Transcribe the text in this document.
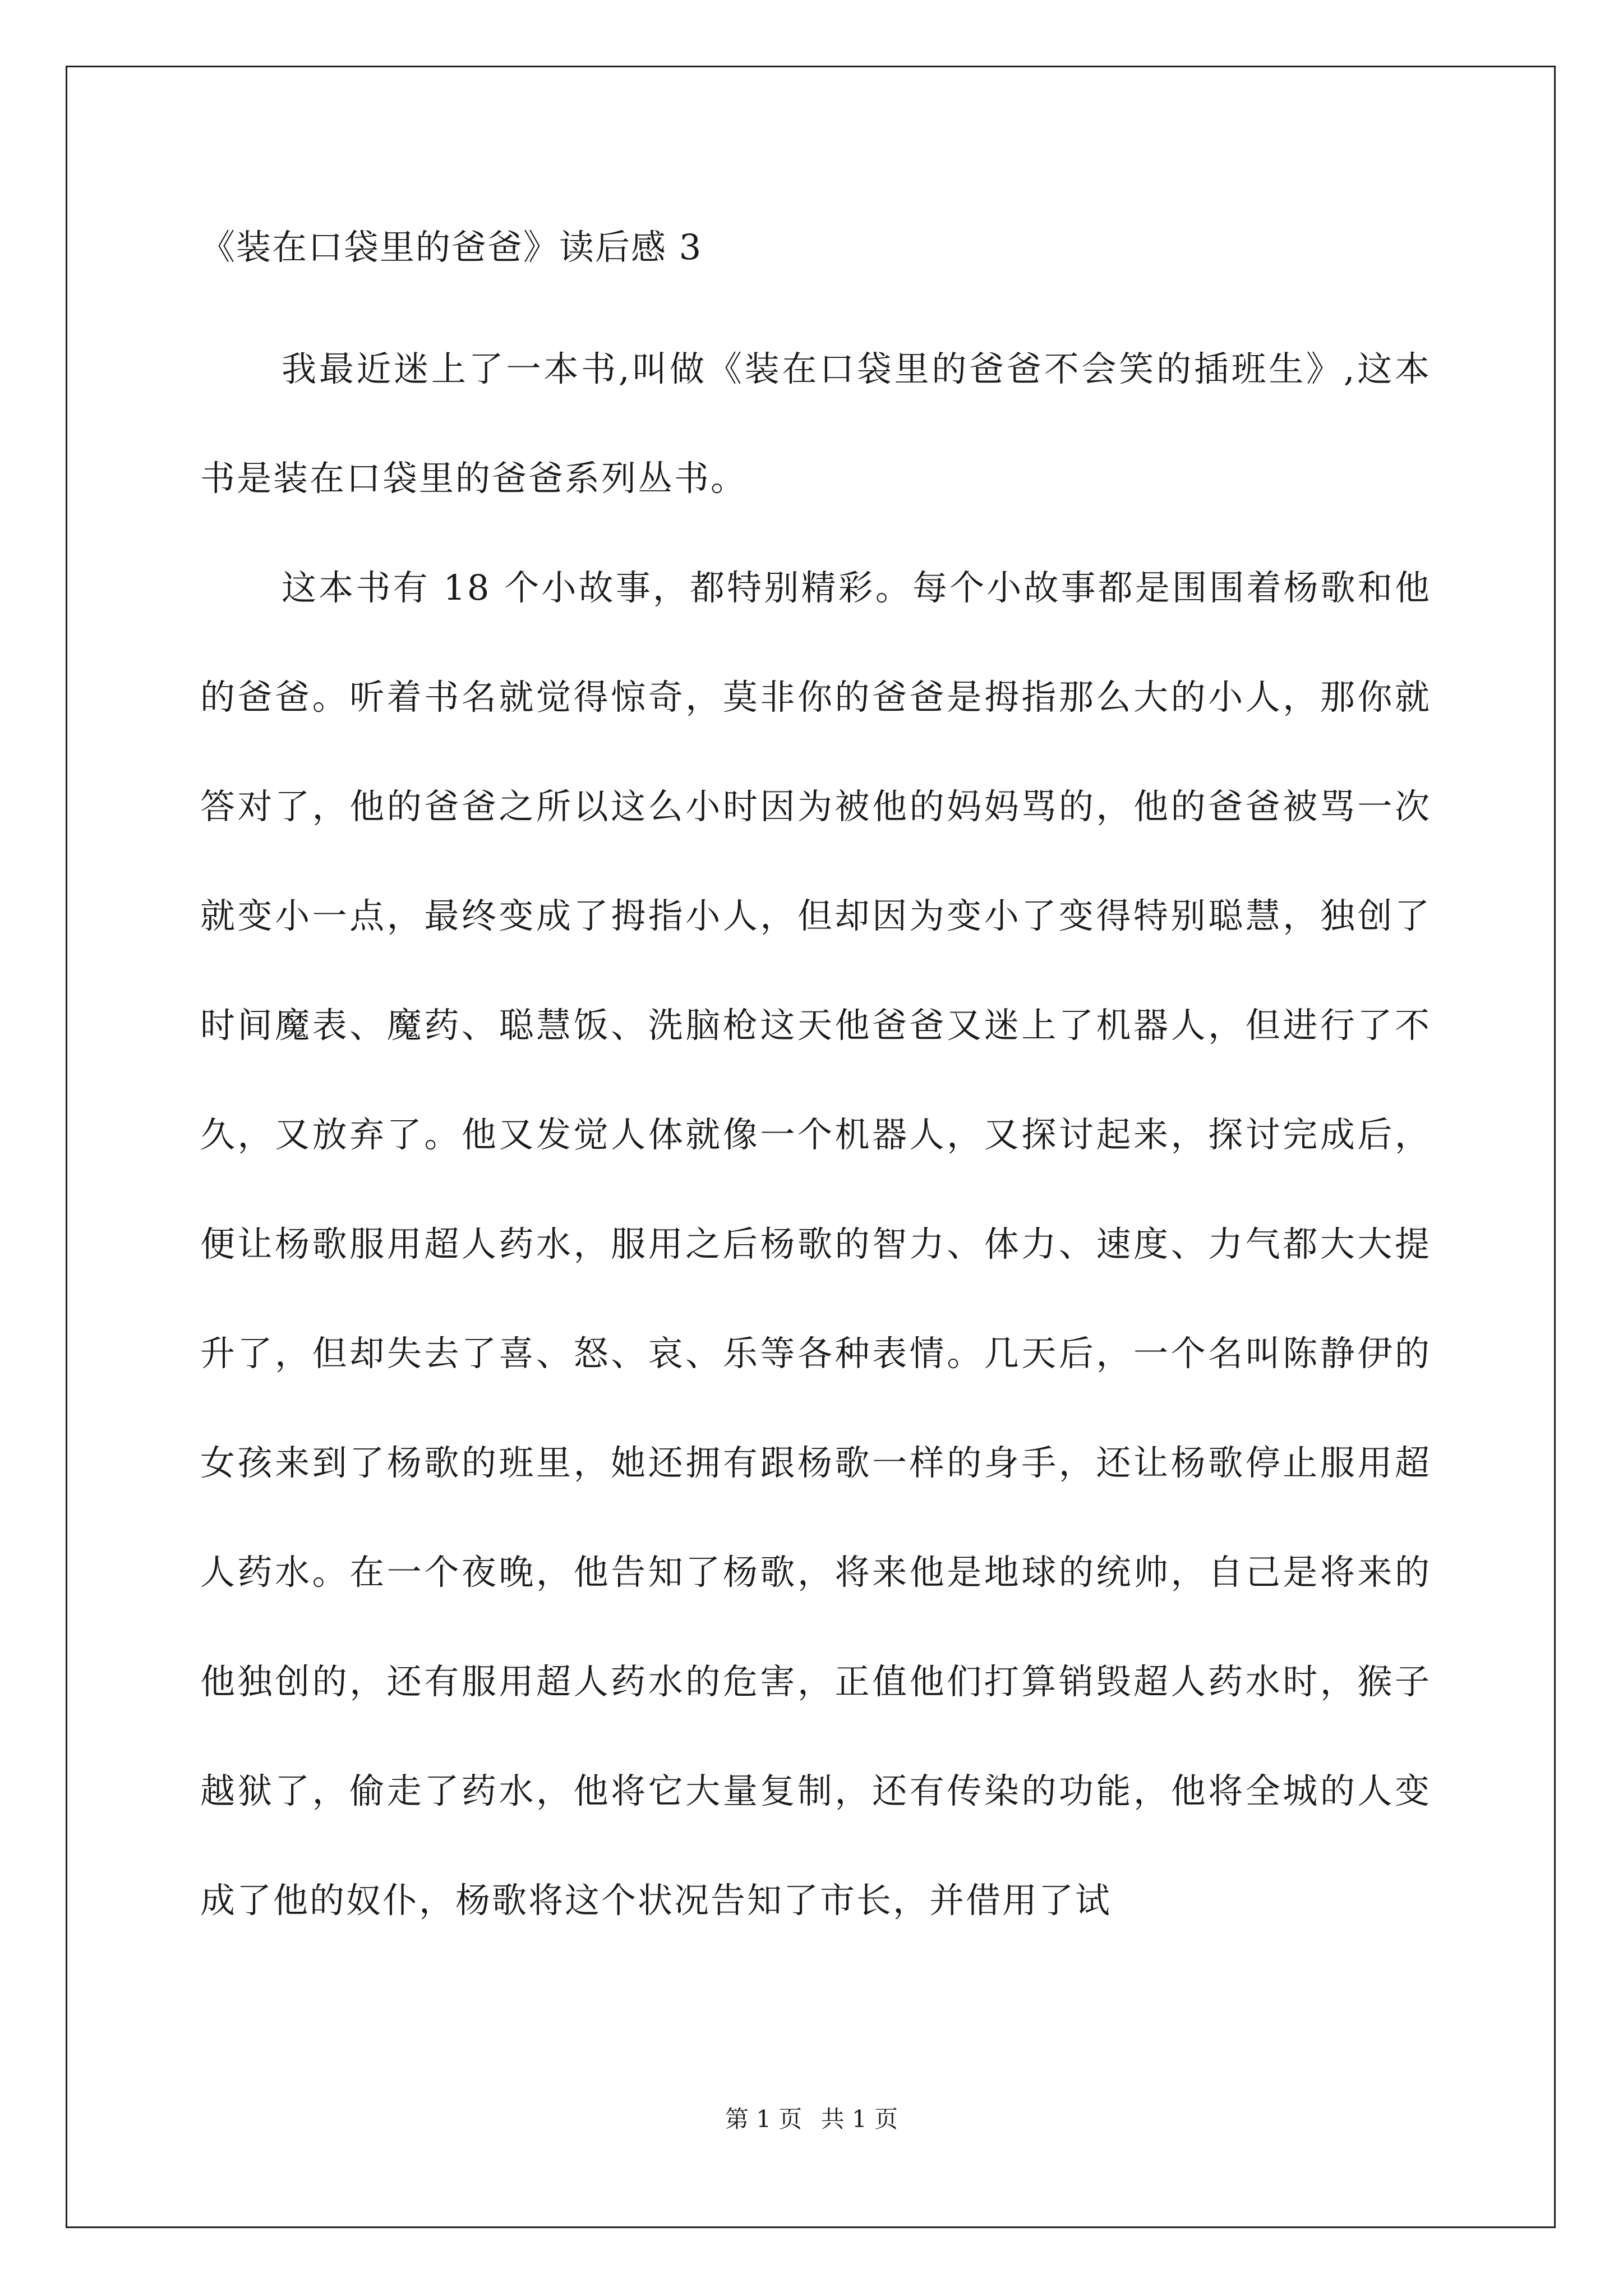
《装在口袋里的爸爸》读后感 3

我最近迷上了一本书,叫做《装在口袋里的爸爸不会笑的插班生》,这本书是装在口袋里的爸爸系列丛书。

这本书有 18 个小故事，都特别精彩。每个小故事都是围围着杨歌和他的爸爸。听着书名就觉得惊奇，莫非你的爸爸是拇指那么大的小人，那你就答对了，他的爸爸之所以这么小时因为被他的妈妈骂的，他的爸爸被骂一次就变小一点，最终变成了拇指小人，但却因为变小了变得特别聪慧，独创了时间魔表、魔药、聪慧饭、洗脑枪这天他爸爸又迷上了机器人，但进行了不久，又放弃了。他又发觉人体就像一个机器人，又探讨起来，探讨完成后，便让杨歌服用超人药水，服用之后杨歌的智力、体力、速度、力气都大大提升了，但却失去了喜、怒、哀、乐等各种表情。几天后，一个名叫陈静伊的女孩来到了杨歌的班里，她还拥有跟杨歌一样的身手，还让杨歌停止服用超人药水。在一个夜晚，他告知了杨歌，将来他是地球的统帅，自己是将来的他独创的，还有服用超人药水的危害，正值他们打算销毁超人药水时，猴子越狱了，偷走了药水，他将它大量复制，还有传染的功能，他将全城的人变成了他的奴仆，杨歌将这个状况告知了市长，并借用了试

第 1 页 共 1 页
